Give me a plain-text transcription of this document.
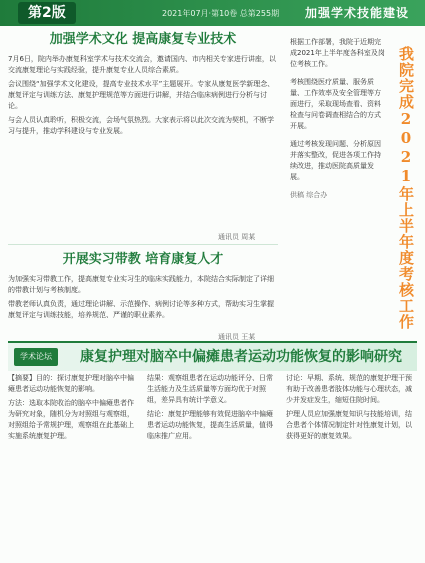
第2版	2021年07月·第10卷 总第255期 加强学术技能建设
加强学术文化 提高康复专业技术

7月6日，院内举办康复科室学术与技术交流会，邀请国内、市内相关专家进行讲座，以交流康复理论与实践经验，提升康复专业人员综合素质。

会议围绕“加强学术文化建设，提高专业技术水平”主题展开。专家从康复医学新理念、康复评定与训练方法、康复护理规范等方面进行讲解，并结合临床病例进行分析与讨论。

与会人员认真聆听，积极交流，会场气氛热烈。大家表示将以此次交流为契机，不断学习与提升，推动学科建设与专业发展。

通讯员 周某
开展实习带教 培育康复人才

为加强实习带教工作，提高康复专业实习生的临床实践能力，本院结合实际制定了详细的带教计划与考核制度。

带教老师认真负责，通过理论讲解、示范操作、病例讨论等多种方式，帮助实习生掌握康复评定与训练技能，培养规范、严谨的职业素养。

通讯员 王某

根据工作部署，我院于近期完成2021年上半年度各科室及岗位考核工作。

考核围绕医疗质量、服务质量、工作效率及安全管理等方面进行，采取现场查看、资料检查与问卷调查相结合的方式开展。

通过考核发现问题、分析原因并落实整改，促进各项工作持续改进，推动医院高质量发展。

供稿 综合办	我院完成2021年上半年度考核工作
学术论坛	康复护理对脑卒中偏瘫患者运动功能恢复的影响研究

【摘要】目的：探讨康复护理对脑卒中偏瘫患者运动功能恢复的影响。

方法：选取本院收治的脑卒中偏瘫患者作为研究对象，随机分为对照组与观察组，对照组给予常规护理，观察组在此基础上实施系统康复护理。

结果：观察组患者在运动功能评分、日常生活能力及生活质量等方面均优于对照组，差异具有统计学意义。

结论：康复护理能够有效促进脑卒中偏瘫患者运动功能恢复，提高生活质量，值得临床推广应用。

讨论：早期、系统、规范的康复护理干预有助于改善患者肢体功能与心理状态，减少并发症发生，缩短住院时间。

护理人员应加强康复知识与技能培训，结合患者个体情况制定针对性康复计划，以获得更好的康复效果。
